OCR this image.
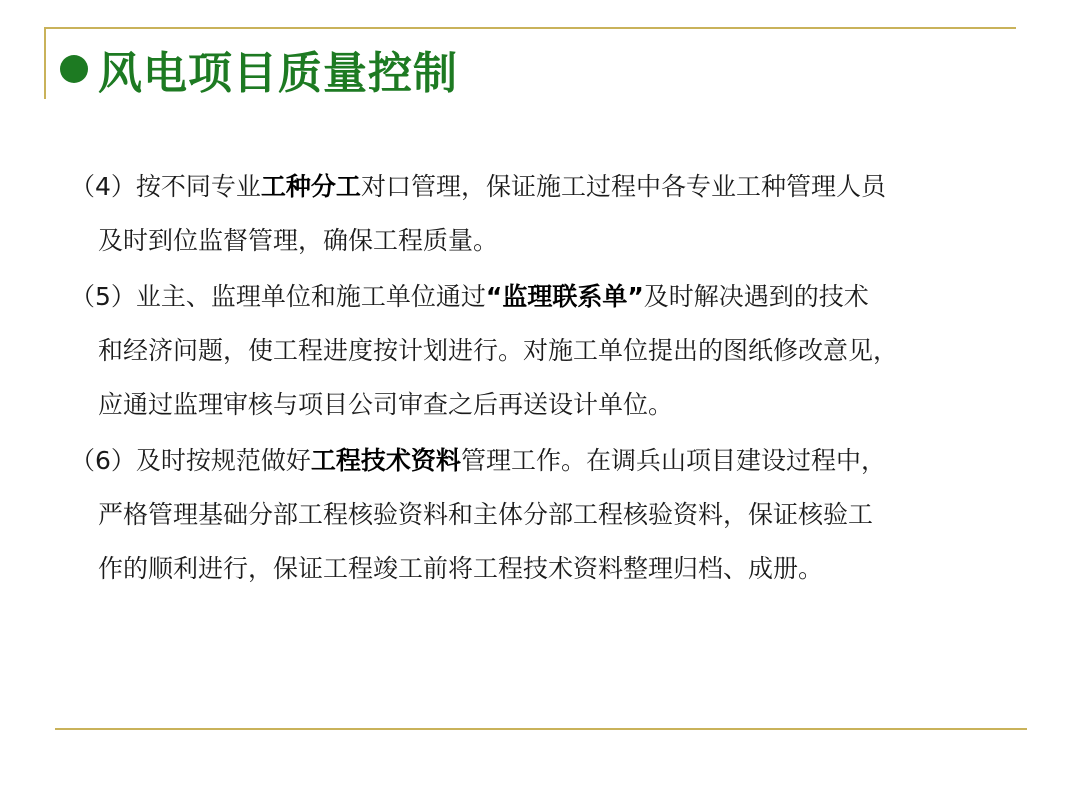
风电项目质量控制
（4）按不同专业工种分工对口管理，保证施工过程中各专业工种管理人员
及时到位监督管理，确保工程质量。
（5）业主、监理单位和施工单位通过“监理联系单”及时解决遇到的技术
和经济问题，使工程进度按计划进行。对施工单位提出的图纸修改意见，
应通过监理审核与项目公司审查之后再送设计单位。
（6）及时按规范做好工程技术资料管理工作。在调兵山项目建设过程中，
严格管理基础分部工程核验资料和主体分部工程核验资料，保证核验工
作的顺利进行，保证工程竣工前将工程技术资料整理归档、成册。
